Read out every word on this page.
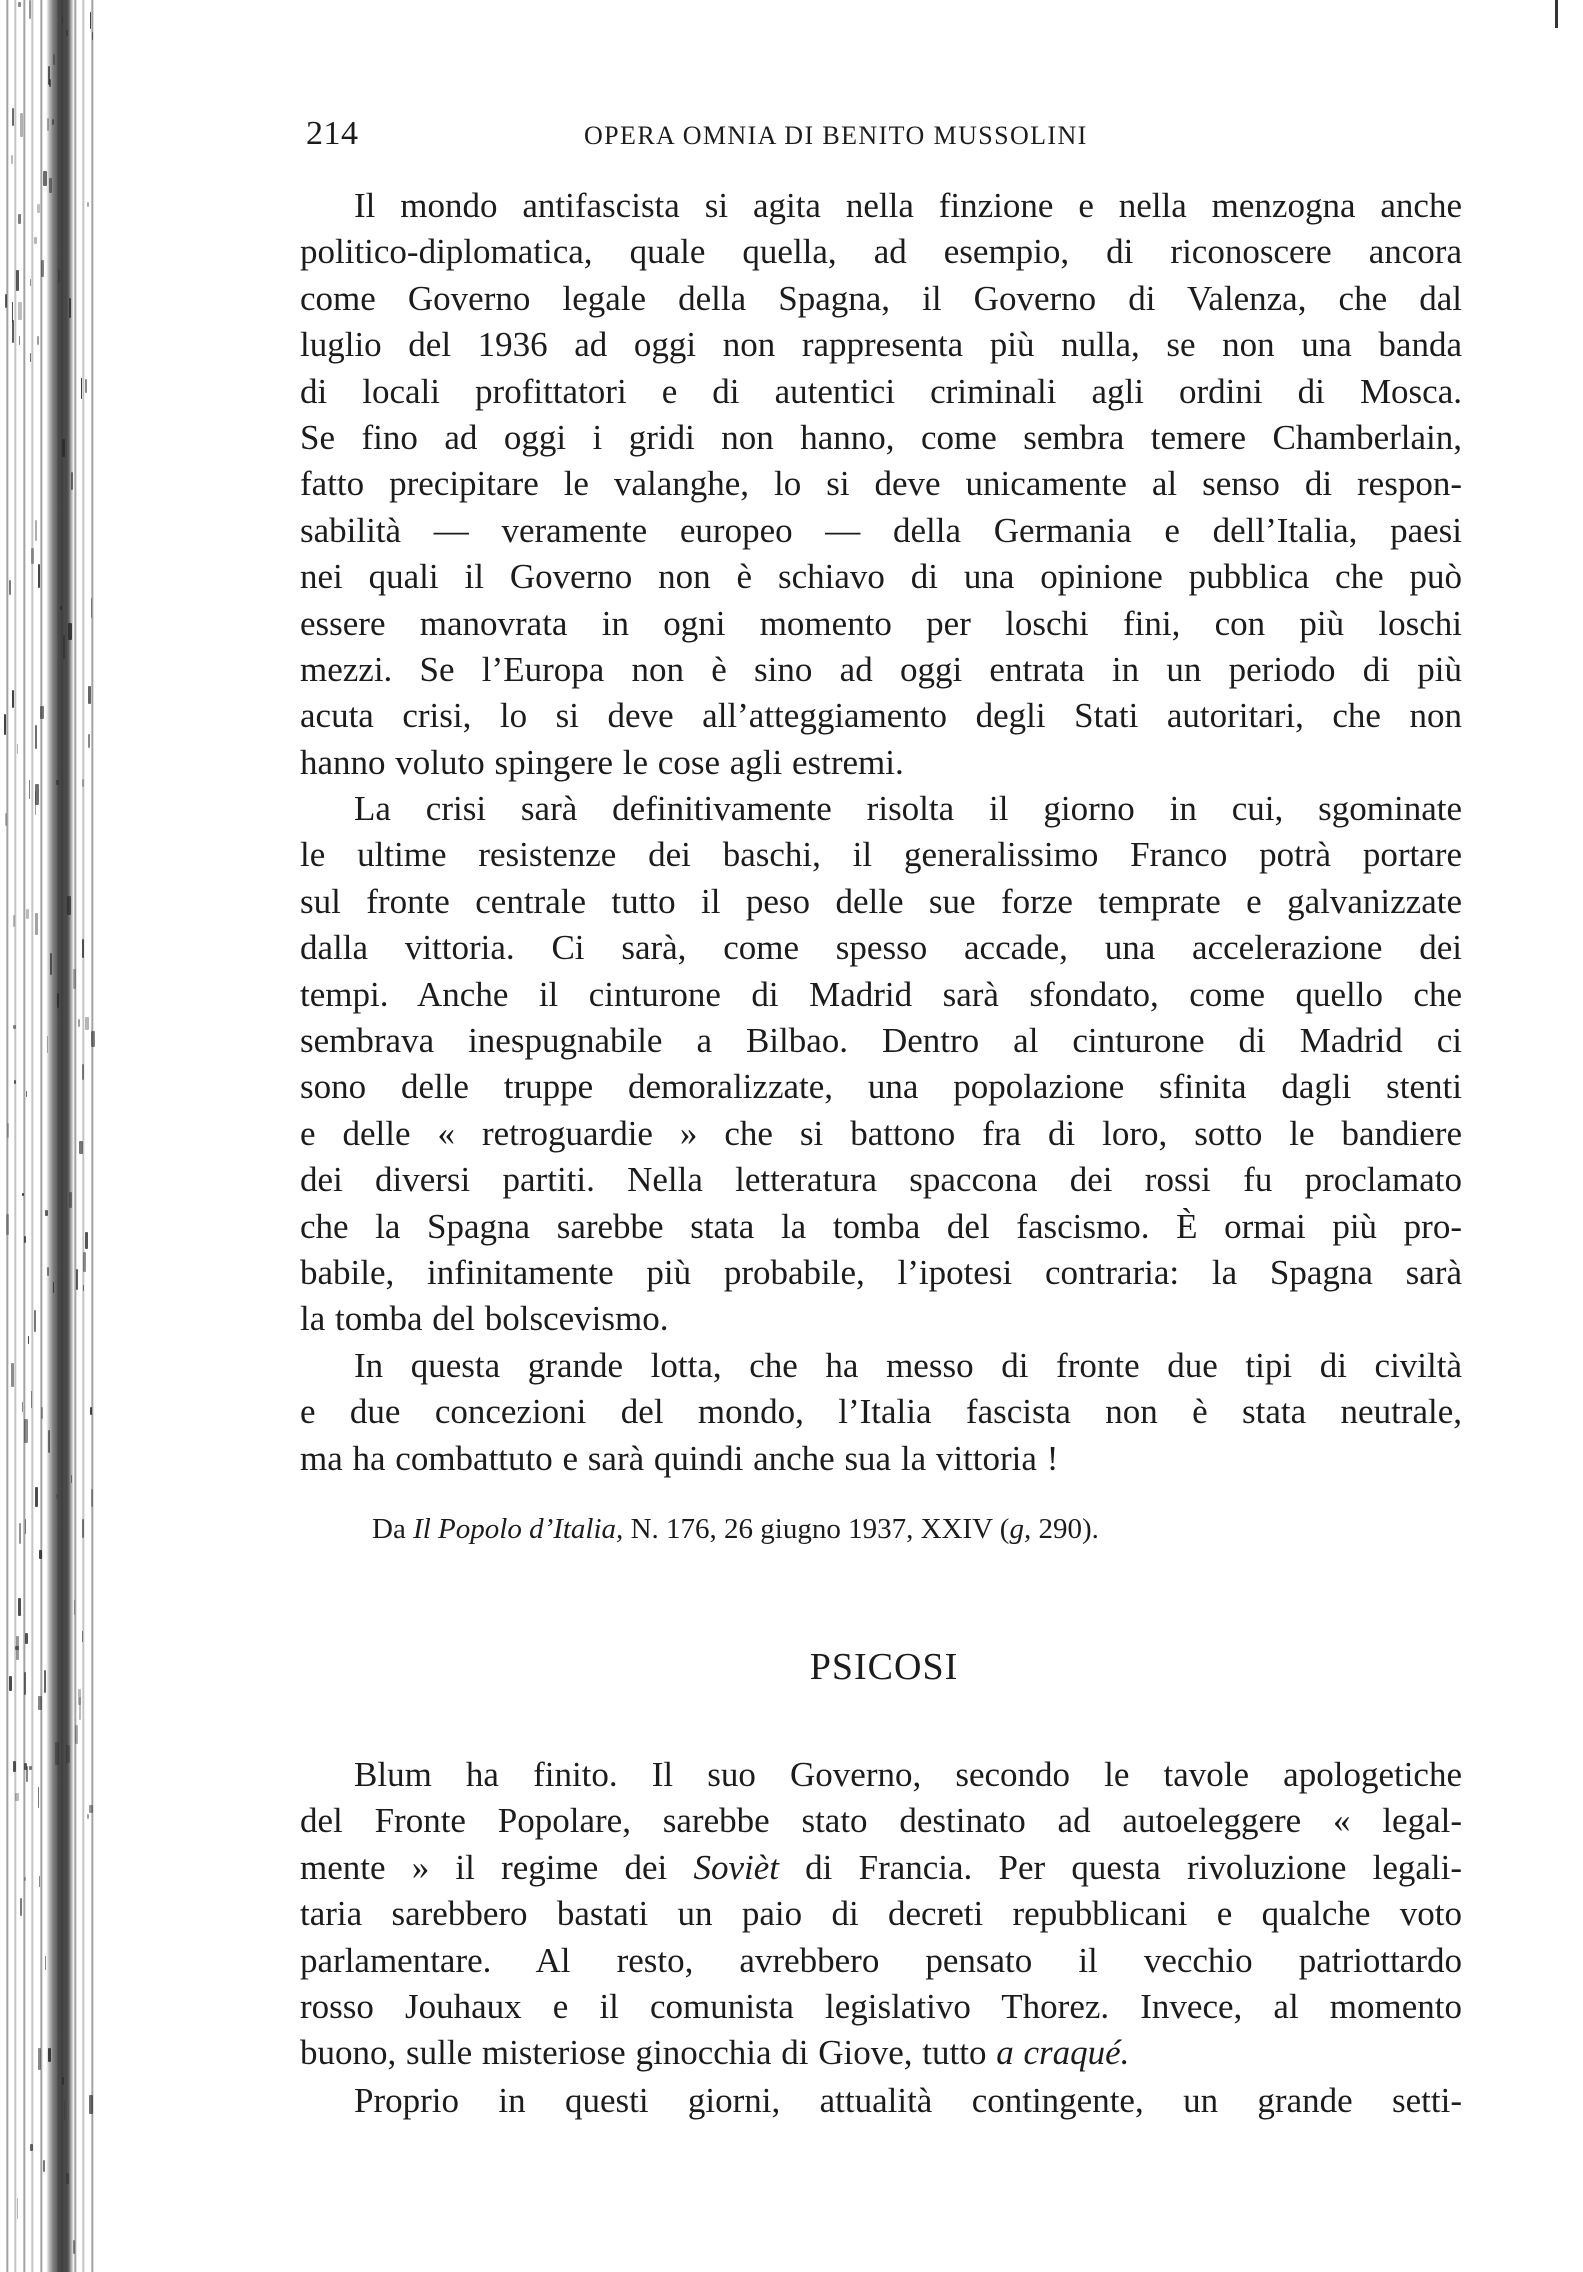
214	OPERA OMNIA DI BENITO MUSSOLINI
Il mondo antifascista si agita nella finzione e nella menzogna anche
politico-diplomatica, quale quella, ad esempio, di riconoscere ancora
come Governo legale della Spagna, il Governo di Valenza, che dal
luglio del 1936 ad oggi non rappresenta più nulla, se non una banda
di locali profittatori e di autentici criminali agli ordini di Mosca.
Se fino ad oggi i gridi non hanno, come sembra temere Chamberlain,
fatto precipitare le valanghe, lo si deve unicamente al senso di respon-
sabilità — veramente europeo — della Germania e dell’Italia, paesi
nei quali il Governo non è schiavo di una opinione pubblica che può
essere manovrata in ogni momento per loschi fini, con più loschi
mezzi. Se l’Europa non è sino ad oggi entrata in un periodo di più
acuta crisi, lo si deve all’atteggiamento degli Stati autoritari, che non
hanno voluto spingere le cose agli estremi.
La crisi sarà definitivamente risolta il giorno in cui, sgominate
le ultime resistenze dei baschi, il generalissimo Franco potrà portare
sul fronte centrale tutto il peso delle sue forze temprate e galvanizzate
dalla vittoria. Ci sarà, come spesso accade, una accelerazione dei
tempi. Anche il cinturone di Madrid sarà sfondato, come quello che
sembrava inespugnabile a Bilbao. Dentro al cinturone di Madrid ci
sono delle truppe demoralizzate, una popolazione sfinita dagli stenti
e delle « retroguardie » che si battono fra di loro, sotto le bandiere
dei diversi partiti. Nella letteratura spaccona dei rossi fu proclamato
che la Spagna sarebbe stata la tomba del fascismo. È ormai più pro-
babile, infinitamente più probabile, l’ipotesi contraria: la Spagna sarà
la tomba del bolscevismo.
In questa grande lotta, che ha messo di fronte due tipi di civiltà
e due concezioni del mondo, l’Italia fascista non è stata neutrale,
ma ha combattuto e sarà quindi anche sua la vittoria !
Da Il Popolo d’Italia, N. 176, 26 giugno 1937, XXIV (g, 290).
PSICOSI
Blum ha finito. Il suo Governo, secondo le tavole apologetiche
del Fronte Popolare, sarebbe stato destinato ad autoeleggere « legal-
mente » il regime dei Sovièt di Francia. Per questa rivoluzione legali-
taria sarebbero bastati un paio di decreti repubblicani e qualche voto
parlamentare. Al resto, avrebbero pensato il vecchio patriottardo
rosso Jouhaux e il comunista legislativo Thorez. Invece, al momento
buono, sulle misteriose ginocchia di Giove, tutto a craqué.
Proprio in questi giorni, attualità contingente, un grande setti-
